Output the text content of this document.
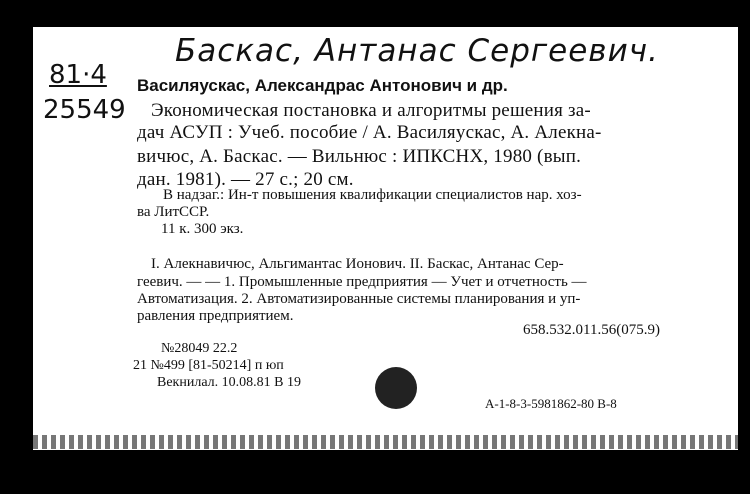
Баскас, Антанас Сергеевич.
81·4
25549
Василяускас, Александрас Антонович и др.
Экономическая постановка и алгоритмы решения за-
дач АСУП : Учеб. пособие / А. Василяускас, А. Алекна-
вичюс, А. Баскас. — Вильнюс : ИПКСНХ, 1980 (вып.
дан. 1981). — 27 с.; 20 см.
В надзаг.: Ин-т повышения квалификации специалистов нар. хоз-
ва ЛитССР.
11 к. 300 экз.
I. Алекнавичюс, Альгимантас Ионович. II. Баскас, Антанас Сер-
геевич. — — 1. Промышленные предприятия — Учет и отчетность —
Автоматизация. 2. Автоматизированные системы планирования и уп-
равления предприятием.
658.532.011.56(075.9)
№28049 22.2
21 №499 [81-50214] п юп
Векнилал. 10.08.81 В 19
А-1-8-3-5981862-80 В-8
